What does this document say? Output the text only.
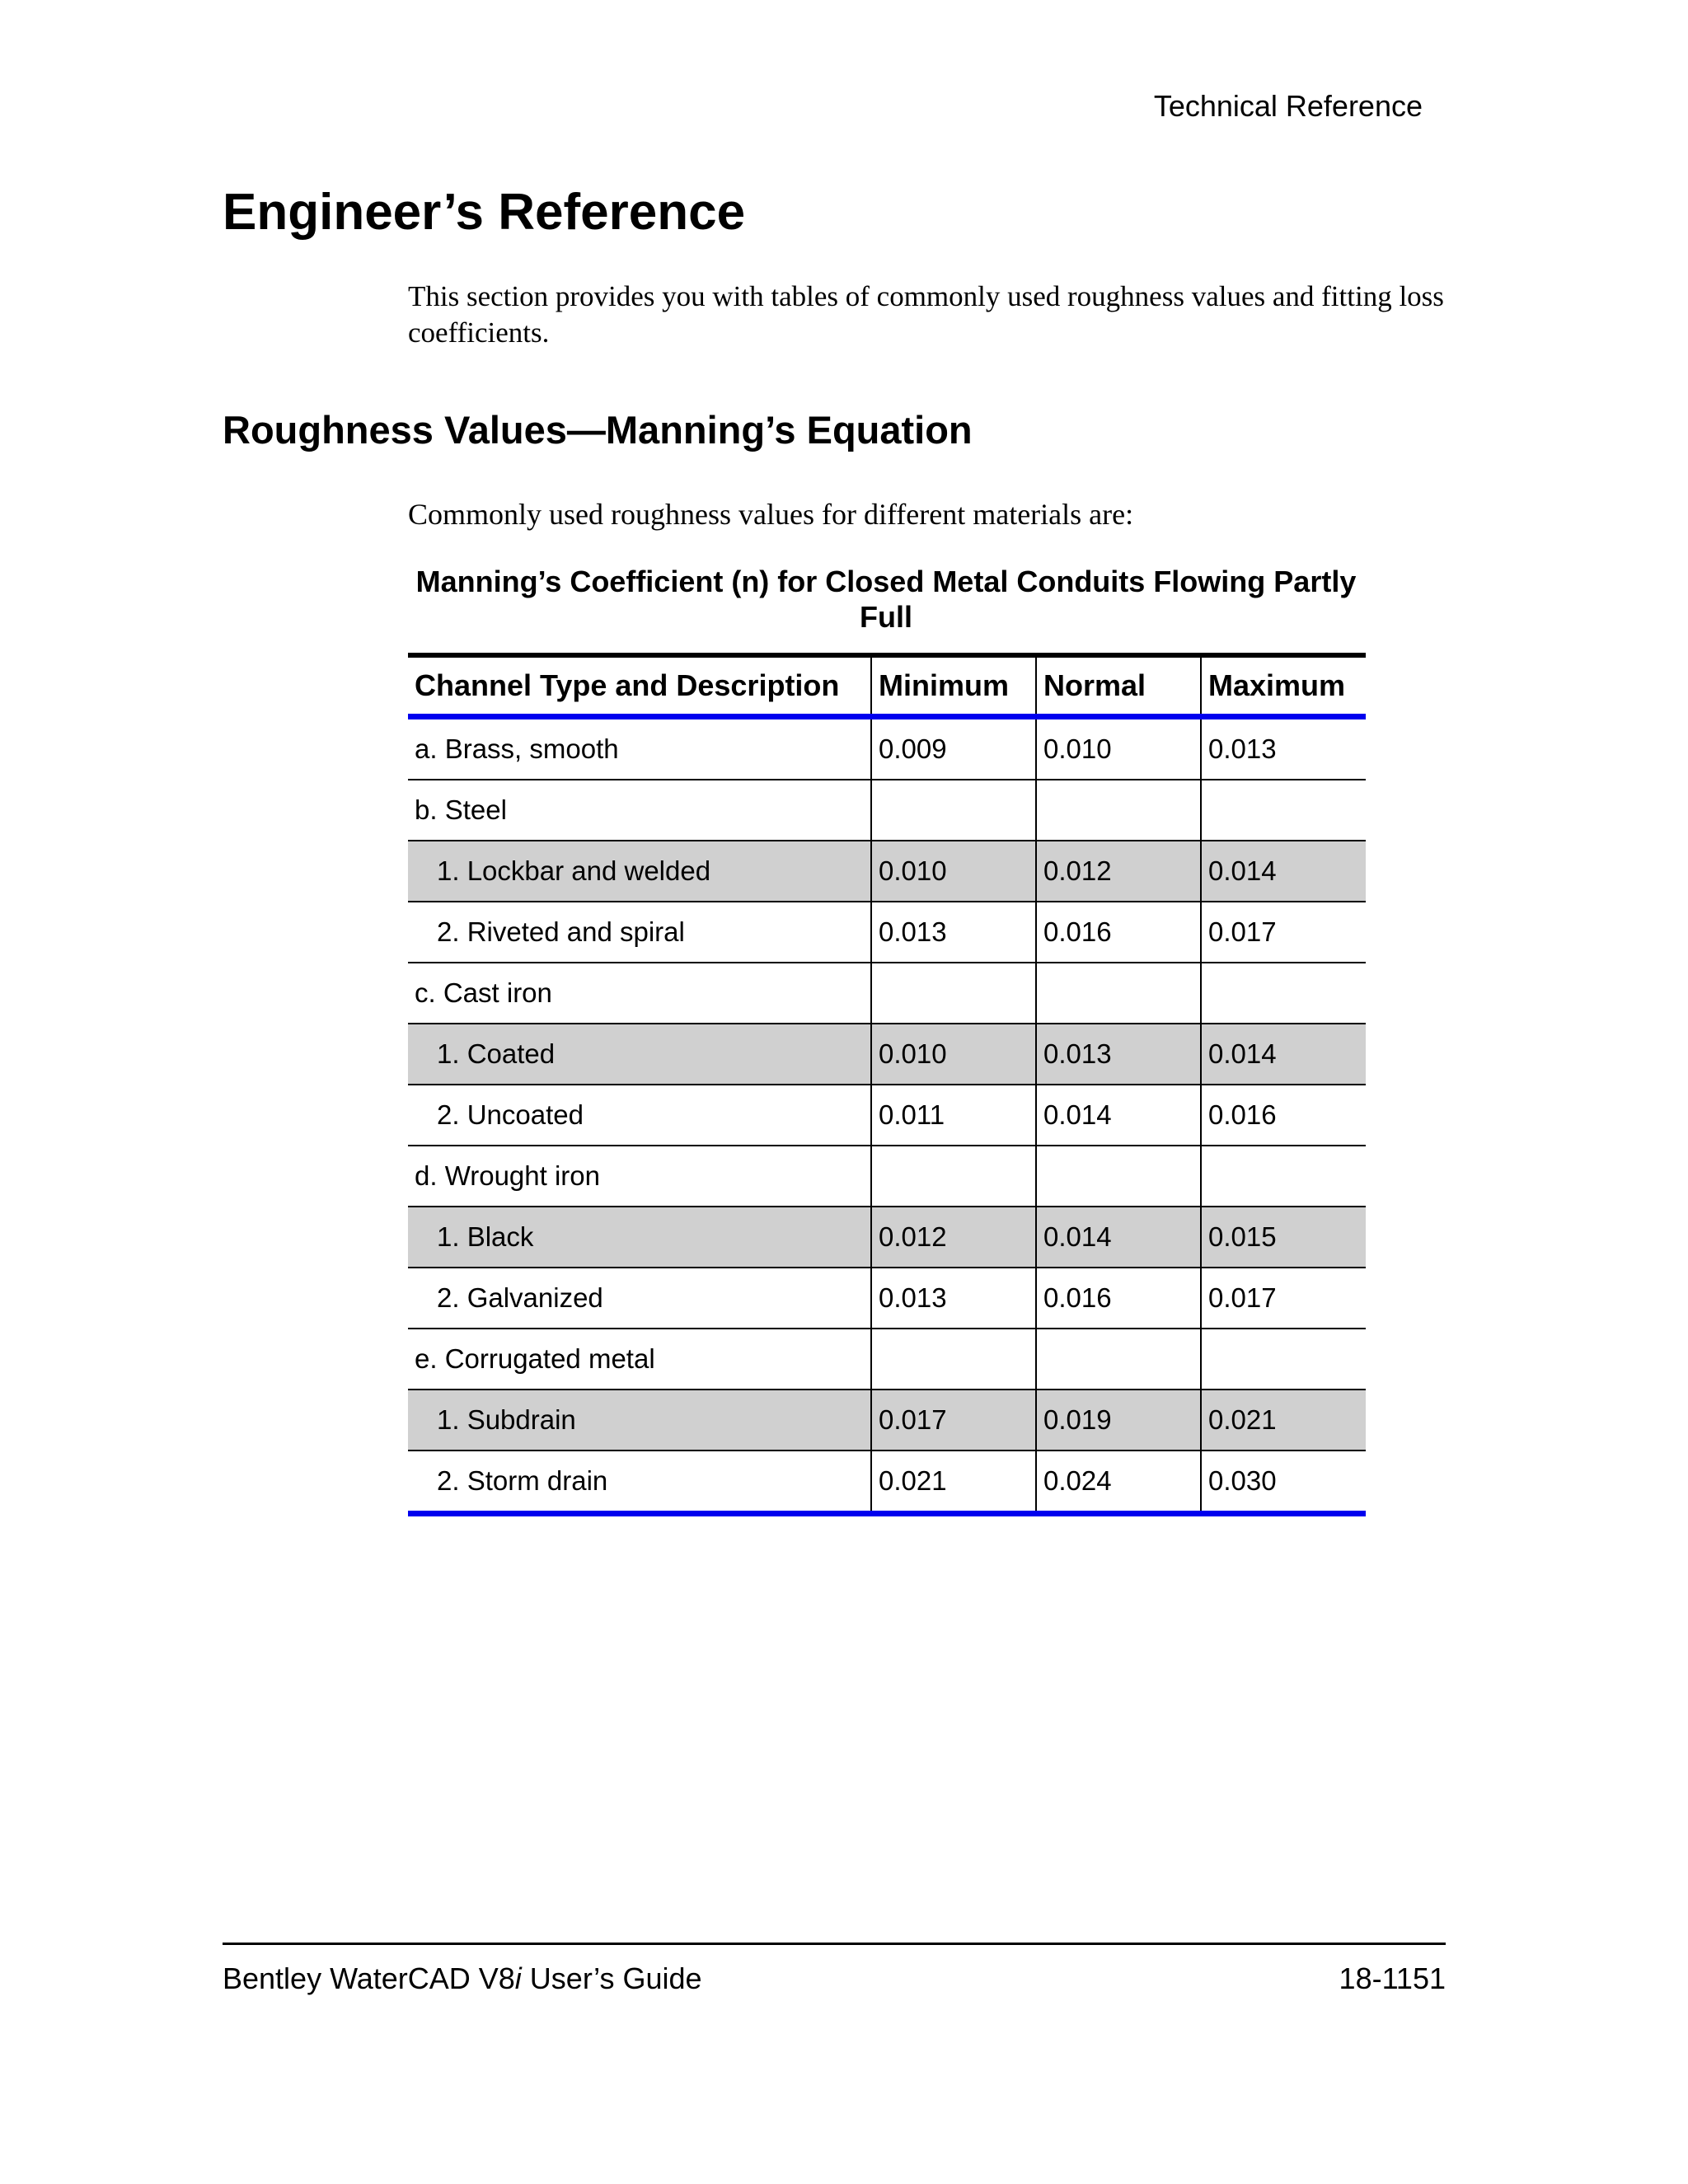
Technical Reference
Engineer’s Reference

This section provides you with tables of commonly used roughness values and fitting loss coefficients.

Roughness Values—Manning’s Equation

Commonly used roughness values for different materials are:

Manning’s Coefficient (n) for Closed Metal Conduits Flowing Partly Full
Channel Type and Description	Minimum	Normal	Maximum
a. Brass, smooth	0.009	0.010	0.013
b. Steel			
1. Lockbar and welded	0.010	0.012	0.014
2. Riveted and spiral	0.013	0.016	0.017
c. Cast iron			
1. Coated	0.010	0.013	0.014
2. Uncoated	0.011	0.014	0.016
d. Wrought iron			
1. Black	0.012	0.014	0.015
2. Galvanized	0.013	0.016	0.017
e. Corrugated metal			
1. Subdrain	0.017	0.019	0.021
2. Storm drain	0.021	0.024	0.030
Bentley WaterCAD V8i User’s Guide	18-1151
